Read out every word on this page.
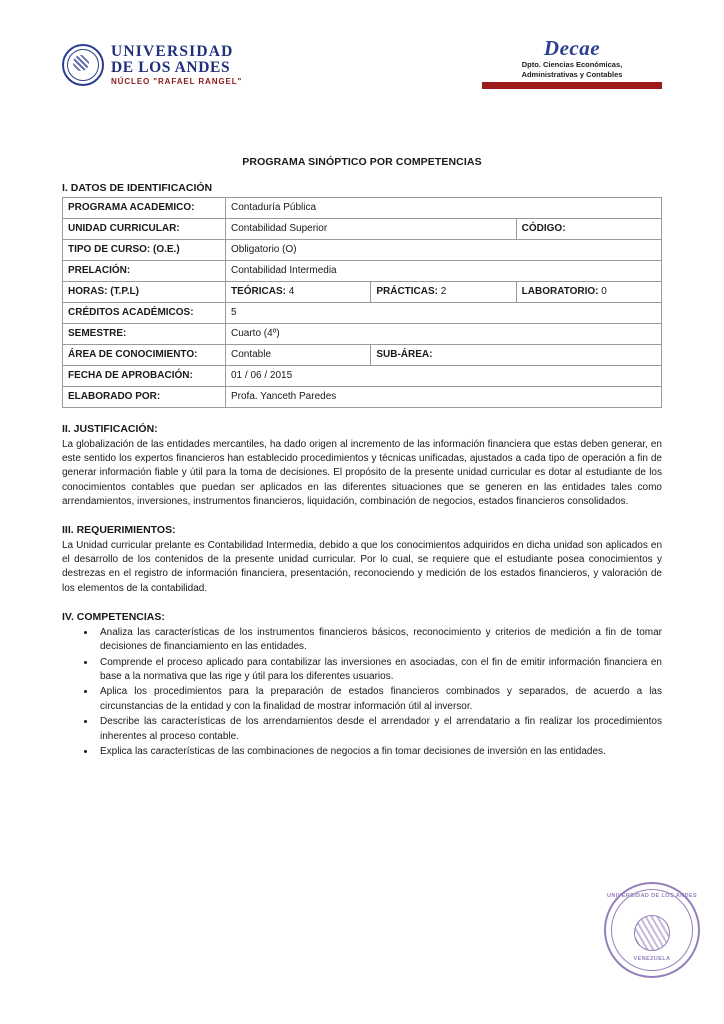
UNIVERSIDAD
DE LOS ANDES
NÚCLEO "RAFAEL RANGEL"
Decae
Dpto. Ciencias Económicas,
Administrativas y Contables
PROGRAMA SINÓPTICO POR COMPETENCIAS
I. DATOS DE IDENTIFICACIÓN
PROGRAMA ACADEMICO:	Contaduría Pública		
UNIDAD CURRICULAR:	Contabilidad Superior		CÓDIGO:
TIPO DE CURSO: (O.E.)	Obligatorio (O)		
PRELACIÓN:	Contabilidad Intermedia		
HORAS: (T.P.L)	TEÓRICAS: 4	PRÁCTICAS: 2	LABORATORIO: 0
CRÉDITOS ACADÉMICOS:	5		
SEMESTRE:	Cuarto (4º)		
ÁREA DE CONOCIMIENTO:	Contable	SUB-ÁREA:	
FECHA DE APROBACIÓN:	01 / 06 / 2015		
ELABORADO POR:	Profa. Yanceth Paredes		
II. JUSTIFICACIÓN:

La globalización de las entidades mercantiles, ha dado origen al incremento de las información financiera que estas deben generar, en este sentido los expertos financieros han establecido procedimientos y técnicas unificadas, ajustados a cada tipo de operación a fin de generar información fiable y útil para la toma de decisiones. El propósito de la presente unidad curricular es dotar al estudiante de los conocimientos contables que puedan ser aplicados en las diferentes situaciones que se generen en las entidades tales como arrendamientos, inversiones, instrumentos financieros, liquidación, combinación de negocios, estados financieros consolidados.

III. REQUERIMIENTOS:

La Unidad curricular prelante es Contabilidad Intermedia, debido a que los conocimientos adquiridos en dicha unidad son aplicados en el desarrollo de los contenidos de la presente unidad curricular. Por lo cual, se requiere que el estudiante posea conocimientos y destrezas en el registro de información financiera, presentación, reconociendo y medición de los estados financieros, y valoración de los elementos de la contabilidad.

IV. COMPETENCIAS:
• Analiza las características de los instrumentos financieros básicos, reconocimiento y criterios de medición a fin de tomar decisiones de financiamiento en las entidades.
• Comprende el proceso aplicado para contabilizar las inversiones en asociadas, con el fin de emitir información financiera en base a la normativa que las rige y útil para los diferentes usuarios.
• Aplica los procedimientos para la preparación de estados financieros combinados y separados, de acuerdo a las circunstancias de la entidad y con la finalidad de mostrar información útil al inversor.
• Describe las características de los arrendamientos desde el arrendador y el arrendatario a fin realizar los procedimientos inherentes al proceso contable.
• Explica las características de las combinaciones de negocios a fin tomar decisiones de inversión en las entidades.
UNIVERSIDAD DE LOS ANDES
VENEZUELA
